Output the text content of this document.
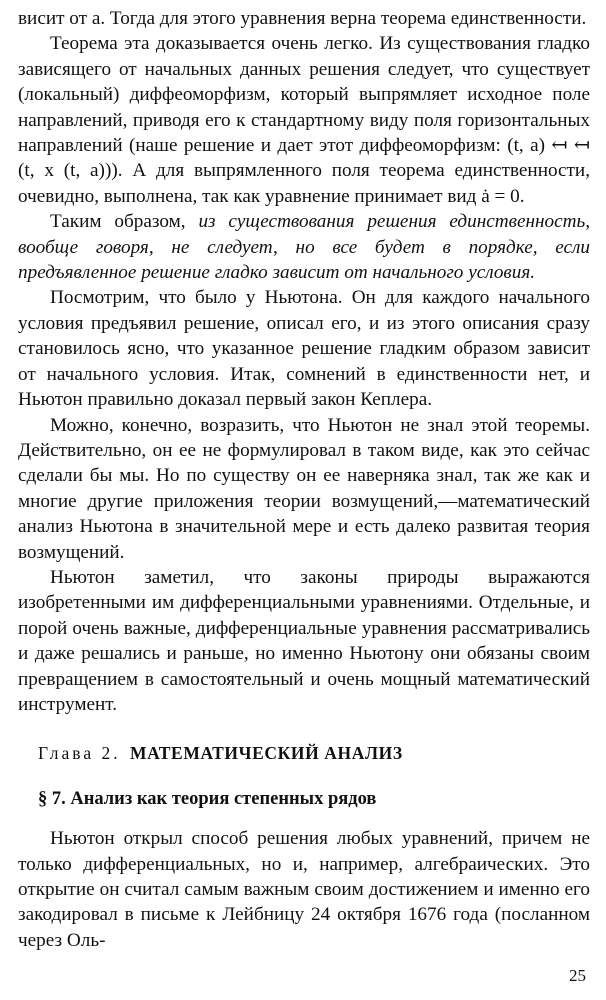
висит от a. Тогда для этого уравнения верна теорема единственности.

Теорема эта доказывается очень легко. Из существования гладко зависящего от начальных данных решения следует, что существует (локальный) диффеоморфизм, который выпрямляет исходное поле направлений, приводя его к стандартному виду поля горизонтальных направлений (наше решение и дает этот диффеоморфизм: (t, a) ↤ ↤ (t, x (t, a))). А для выпрямленного поля теорема единственности, очевидно, выполнена, так как уравнение принимает вид ȧ = 0.

Таким образом, из существования решения единственность, вообще говоря, не следует, но все будет в порядке, если предъявленное решение гладко зависит от начального условия.

Посмотрим, что было у Ньютона. Он для каждого начального условия предъявил решение, описал его, и из этого описания сразу становилось ясно, что указанное решение гладким образом зависит от начального условия. Итак, сомнений в единственности нет, и Ньютон правильно доказал первый закон Кеплера.

Можно, конечно, возразить, что Ньютон не знал этой теоремы. Действительно, он ее не формулировал в таком виде, как это сейчас сделали бы мы. Но по существу он ее наверняка знал, так же как и многие другие приложения теории возмущений,—математический анализ Ньютона в значительной мере и есть далеко развитая теория возмущений.

Ньютон заметил, что законы природы выражаются изобретенными им дифференциальными уравнениями. Отдельные, и порой очень важные, дифференциальные уравнения рассматривались и даже решались и раньше, но именно Ньютону они обязаны своим превращением в самостоятельный и очень мощный математический инструмент.

Глава 2. МАТЕМАТИЧЕСКИЙ АНАЛИЗ
§ 7. Анализ как теория степенных рядов

Ньютон открыл способ решения любых уравнений, причем не только дифференциальных, но и, например, алгебраических. Это открытие он считал самым важным своим достижением и именно его закодировал в письме к Лейбницу 24 октября 1676 года (посланном через Оль-

25
